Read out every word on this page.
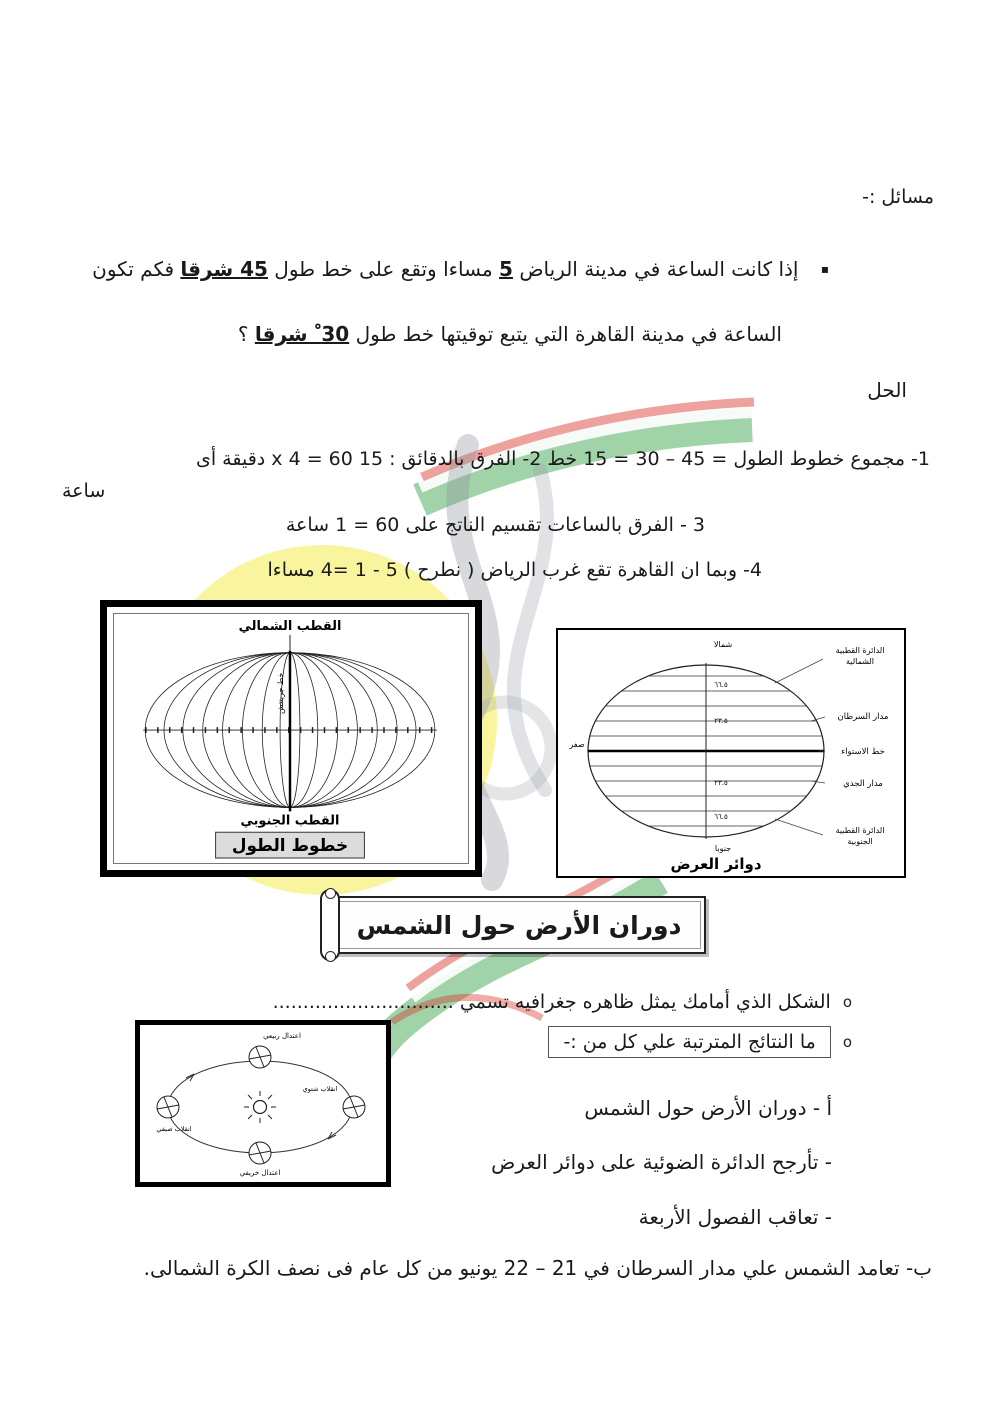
مسائل :-
▪ إذا كانت الساعة في مدينة الرياض 5 مساءا وتقع على خط طول 45 شرقا فكم تكون
الساعة في مدينة القاهرة التي يتبع توقيتها خط طول 30 ْ شرقا ؟
الحل
1- مجموع خطوط الطول = 45 – 30 = 15 خط 2- الفرق بالدقائق : 15 x 4 = 60 دقيقة أى
ساعة
3 - الفرق بالساعات تقسيم الناتج على 60 = 1 ساعة
4- وبما ان القاهرة تقع غرب الرياض ( نطرح ) 5 - 1 =4 مساءا
القطب الشمالي
خط جرينتش
القطب الجنوبي
خطوط الطول
الدائرة القطبية
الشمالية
مدار السرطان
خط الاستواء
مدار الجدي
الدائرة القطبية
الجنوبية
شمالا
جنوبا
صفر
٦٦.٥
٢٣.٥
٢٣.٥
٦٦.٥
دوائر العرض
دوران الأرض حول الشمس
o
الشكل الذي أمامك يمثل ظاهره جغرافيه تسمي ..............................
o
ما النتائج المترتبة علي كل من :-
اعتدال ربيعي
انقلاب شتوي
انقلاب صيفي
اعتدال خريفي
أ - دوران الأرض حول الشمس
- تأرجح الدائرة الضوئية على دوائر العرض
- تعاقب الفصول الأربعة
ب- تعامد الشمس علي مدار السرطان في 21 – 22 يونيو من كل عام فى نصف الكرة الشمالى.
